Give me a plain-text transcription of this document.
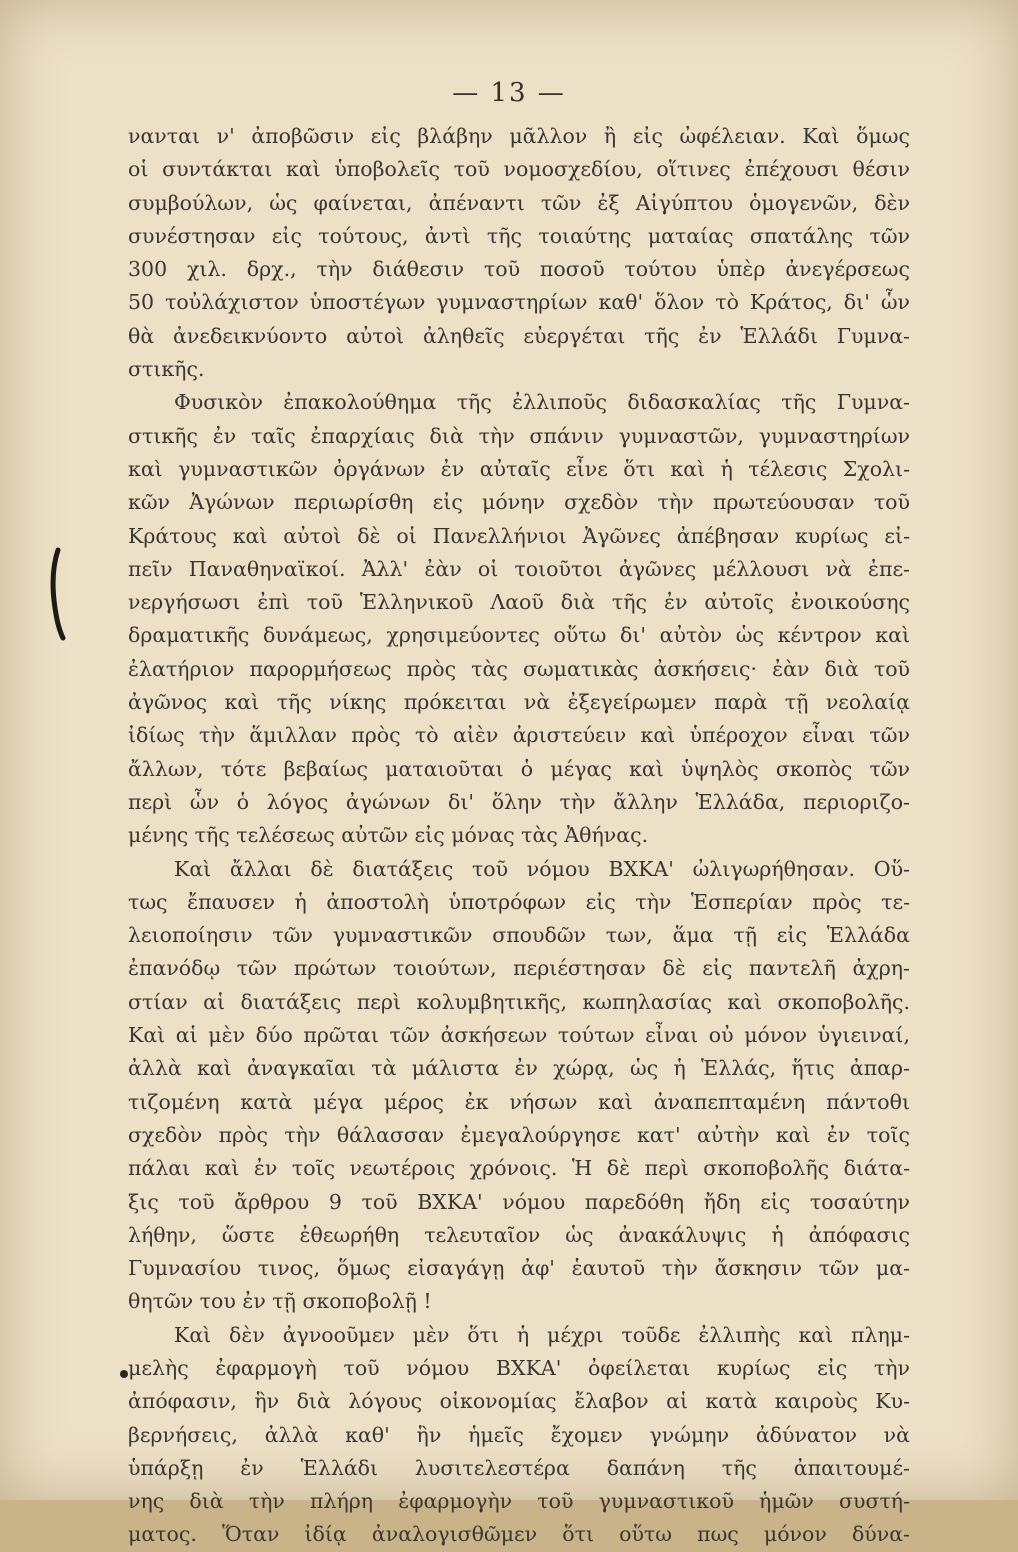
— 13 —
νανται ν' ἀποβῶσιν εἰς βλάβην μᾶλλον ἢ εἰς ὠφέλειαν. Καὶ ὅμως
οἱ συντάκται καὶ ὑποβολεῖς τοῦ νομοσχεδίου, οἵτινες ἐπέχουσι θέσιν
συμβούλων, ὡς φαίνεται, ἀπέναντι τῶν ἐξ Αἰγύπτου ὁμογενῶν, δὲν
συνέστησαν εἰς τούτους, ἀντὶ τῆς τοιαύτης ματαίας σπατάλης τῶν
300 χιλ. δρχ., τὴν διάθεσιν τοῦ ποσοῦ τούτου ὑπὲρ ἀνεγέρσεως
50 τοὐλάχιστον ὑποστέγων γυμναστηρίων καθ' ὅλον τὸ Κράτος, δι' ὧν
θὰ ἀνεδεικνύοντο αὐτοὶ ἀληθεῖς εὐεργέται τῆς ἐν Ἑλλάδι Γυμνα-
στικῆς.
Φυσικὸν ἐπακολούθημα τῆς ἐλλιποῦς διδασκαλίας τῆς Γυμνα-
στικῆς ἐν ταῖς ἐπαρχίαις διὰ τὴν σπάνιν γυμναστῶν, γυμναστηρίων
καὶ γυμναστικῶν ὀργάνων ἐν αὐταῖς εἶνε ὅτι καὶ ἡ τέλεσις Σχολι-
κῶν Ἀγώνων περιωρίσθη εἰς μόνην σχεδὸν τὴν πρωτεύουσαν τοῦ
Κράτους καὶ αὐτοὶ δὲ οἱ Πανελλήνιοι Ἀγῶνες ἀπέβησαν κυρίως εἰ-
πεῖν Παναθηναϊκοί. Ἀλλ' ἐὰν οἱ τοιοῦτοι ἀγῶνες μέλλουσι νὰ ἐπε-
νεργήσωσι ἐπὶ τοῦ Ἑλληνικοῦ Λαοῦ διὰ τῆς ἐν αὐτοῖς ἐνοικούσης
δραματικῆς δυνάμεως, χρησιμεύοντες οὕτω δι' αὐτὸν ὡς κέντρον καὶ
ἐλατήριον παρορμήσεως πρὸς τὰς σωματικὰς ἀσκήσεις· ἐὰν διὰ τοῦ
ἀγῶνος καὶ τῆς νίκης πρόκειται νὰ ἐξεγείρωμεν παρὰ τῇ νεολαίᾳ
ἰδίως τὴν ἅμιλλαν πρὸς τὸ αἰὲν ἀριστεύειν καὶ ὑπέροχον εἶναι τῶν
ἄλλων, τότε βεβαίως ματαιοῦται ὁ μέγας καὶ ὑψηλὸς σκοπὸς τῶν
περὶ ὧν ὁ λόγος ἀγώνων δι' ὅλην τὴν ἄλλην Ἑλλάδα, περιοριζο-
μένης τῆς τελέσεως αὐτῶν εἰς μόνας τὰς Ἀθήνας.
Καὶ ἄλλαι δὲ διατάξεις τοῦ νόμου ΒΧΚΑ' ὠλιγωρήθησαν. Οὕ-
τως ἔπαυσεν ἡ ἀποστολὴ ὑποτρόφων εἰς τὴν Ἑσπερίαν πρὸς τε-
λειοποίησιν τῶν γυμναστικῶν σπουδῶν των, ἅμα τῇ εἰς Ἑλλάδα
ἐπανόδῳ τῶν πρώτων τοιούτων, περιέστησαν δὲ εἰς παντελῆ ἀχρη-
στίαν αἱ διατάξεις περὶ κολυμβητικῆς, κωπηλασίας καὶ σκοποβολῆς.
Καὶ αἱ μὲν δύο πρῶται τῶν ἀσκήσεων τούτων εἶναι οὐ μόνον ὑγιειναί,
ἀλλὰ καὶ ἀναγκαῖαι τὰ μάλιστα ἐν χώρᾳ, ὡς ἡ Ἑλλάς, ἥτις ἀπαρ-
τιζομένη κατὰ μέγα μέρος ἐκ νήσων καὶ ἀναπεπταμένη πάντοθι
σχεδὸν πρὸς τὴν θάλασσαν ἐμεγαλούργησε κατ' αὐτὴν καὶ ἐν τοῖς
πάλαι καὶ ἐν τοῖς νεωτέροις χρόνοις. Ἡ δὲ περὶ σκοποβολῆς διάτα-
ξις τοῦ ἄρθρου 9 τοῦ ΒΧΚΑ' νόμου παρεδόθη ἤδη εἰς τοσαύτην
λήθην, ὥστε ἐθεωρήθη τελευταῖον ὡς ἀνακάλυψις ἡ ἀπόφασις
Γυμνασίου τινος, ὅμως εἰσαγάγῃ ἀφ' ἑαυτοῦ τὴν ἄσκησιν τῶν μα-
θητῶν του ἐν τῇ σκοποβολῇ !
Καὶ δὲν ἀγνοοῦμεν μὲν ὅτι ἡ μέχρι τοῦδε ἐλλιπὴς καὶ πλημ-
μελὴς ἐφαρμογὴ τοῦ νόμου ΒΧΚΑ' ὀφείλεται κυρίως εἰς τὴν
ἀπόφασιν, ἣν διὰ λόγους οἰκονομίας ἔλαβον αἱ κατὰ καιροὺς Κυ-
βερνήσεις, ἀλλὰ καθ' ἣν ἡμεῖς ἔχομεν γνώμην ἀδύνατον νὰ
ὑπάρξῃ ἐν Ἑλλάδι λυσιτελεστέρα δαπάνη τῆς ἀπαιτουμέ-
νης διὰ τὴν πλήρη ἐφαρμογὴν τοῦ γυμναστικοῦ ἡμῶν συστή-
ματος. Ὅταν ἰδίᾳ ἀναλογισθῶμεν ὅτι οὕτω πως μόνον δύνα-
